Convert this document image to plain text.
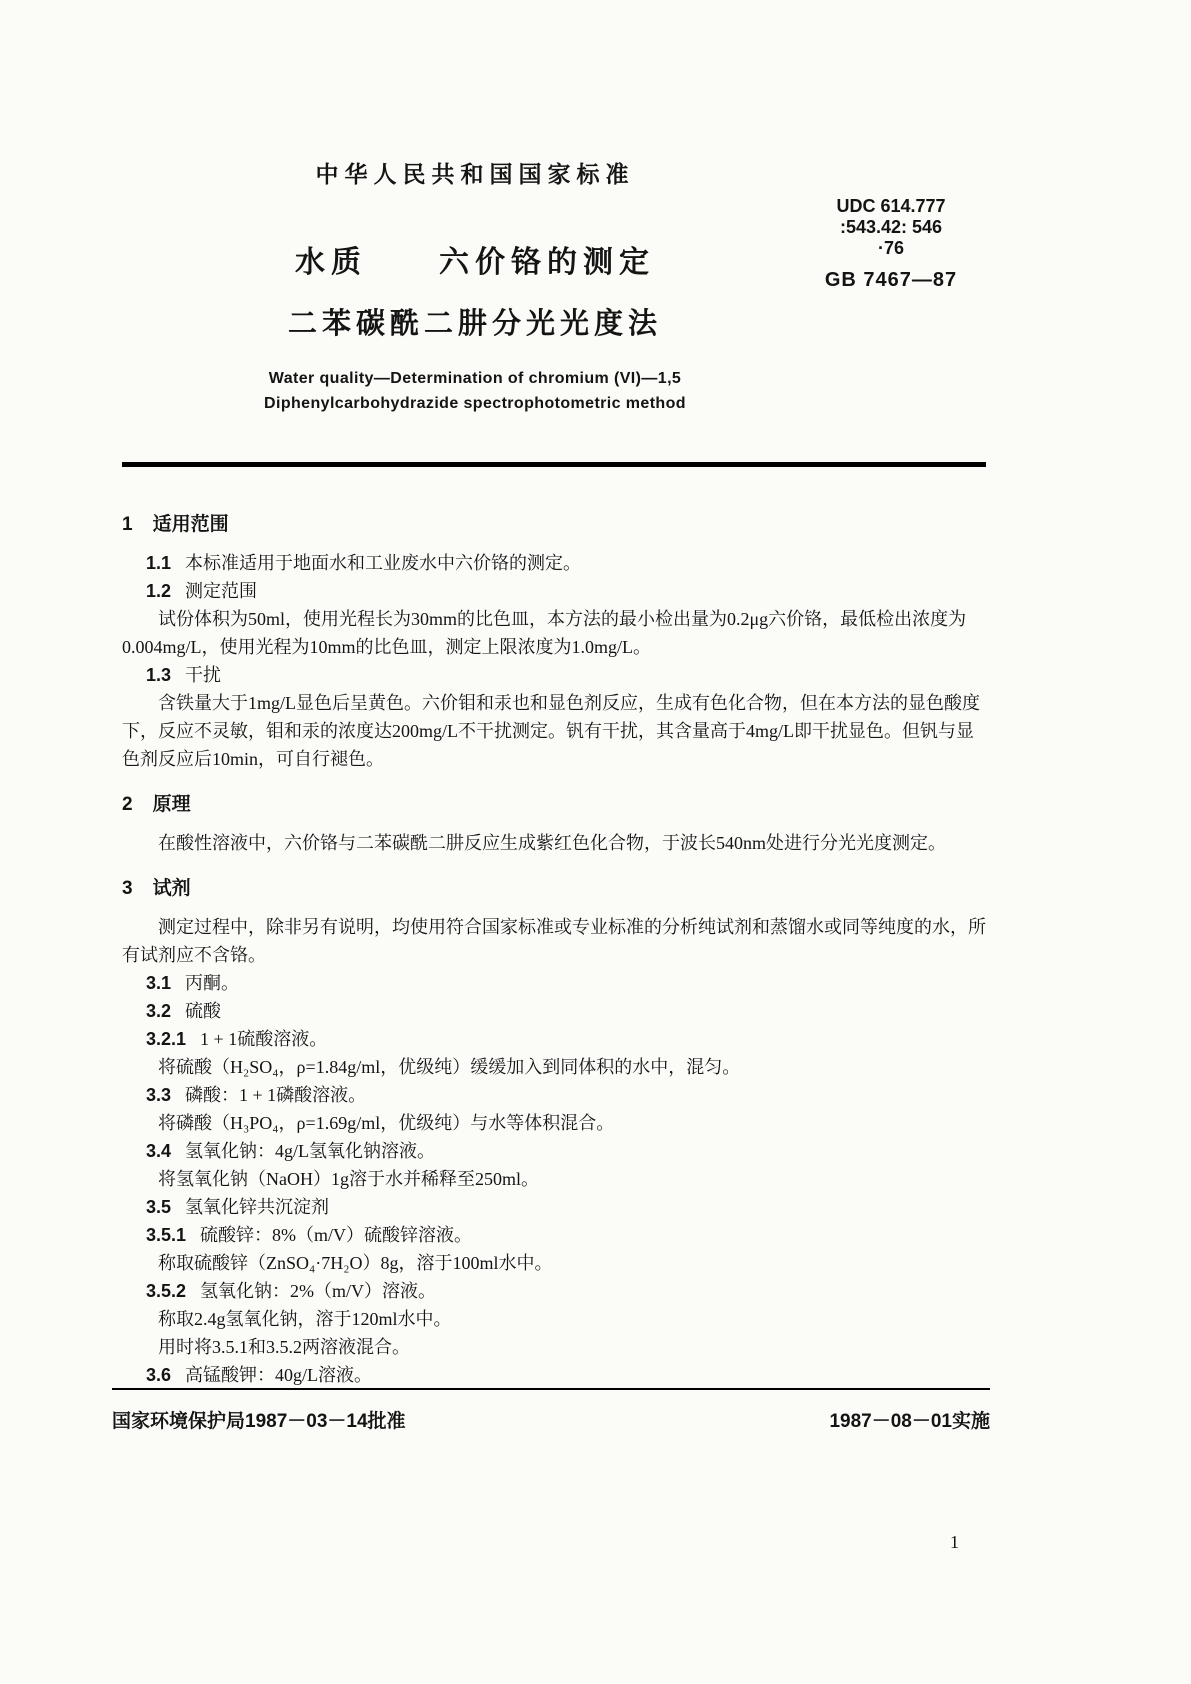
中华人民共和国国家标准
UDC 614.777
:543.42: 546
·76
GB 7467—87
水质　　六价铬的测定
二苯碳酰二肼分光光度法
Water quality—Determination of chromium (VI)—1,5
Diphenylcarbohydrazide spectrophotometric method
1 适用范围
1.1 本标准适用于地面水和工业废水中六价铬的测定。
1.2 测定范围

试份体积为50ml，使用光程长为30mm的比色皿，本方法的最小检出量为0.2μg六价铬，最低检出浓度为0.004mg/L，使用光程为10mm的比色皿，测定上限浓度为1.0mg/L。

1.3 干扰

含铁量大于1mg/L显色后呈黄色。六价钼和汞也和显色剂反应，生成有色化合物，但在本方法的显色酸度下，反应不灵敏，钼和汞的浓度达200mg/L不干扰测定。钒有干扰，其含量高于4mg/L即干扰显色。但钒与显色剂反应后10min，可自行褪色。

2 原理

在酸性溶液中，六价铬与二苯碳酰二肼反应生成紫红色化合物，于波长540nm处进行分光光度测定。

3 试剂

测定过程中，除非另有说明，均使用符合国家标准或专业标准的分析纯试剂和蒸馏水或同等纯度的水，所有试剂应不含铬。

3.1 丙酮。
3.2 硫酸
3.2.1 1 + 1硫酸溶液。

将硫酸（H₂SO₄，ρ=1.84g/ml，优级纯）缓缓加入到同体积的水中，混匀。

3.3 磷酸：1 + 1磷酸溶液。

将磷酸（H₃PO₄，ρ=1.69g/ml，优级纯）与水等体积混合。

3.4 氢氧化钠：4g/L氢氧化钠溶液。

将氢氧化钠（NaOH）1g溶于水并稀释至250ml。

3.5 氢氧化锌共沉淀剂
3.5.1 硫酸锌：8%（m/V）硫酸锌溶液。

称取硫酸锌（ZnSO₄·7H₂O）8g，溶于100ml水中。

3.5.2 氢氧化钠：2%（m/V）溶液。

称取2.4g氢氧化钠，溶于120ml水中。

用时将3.5.1和3.5.2两溶液混合。

3.6 高锰酸钾：40g/L溶液。
国家环境保护局1987－03－14批准	1987－08－01实施
1
